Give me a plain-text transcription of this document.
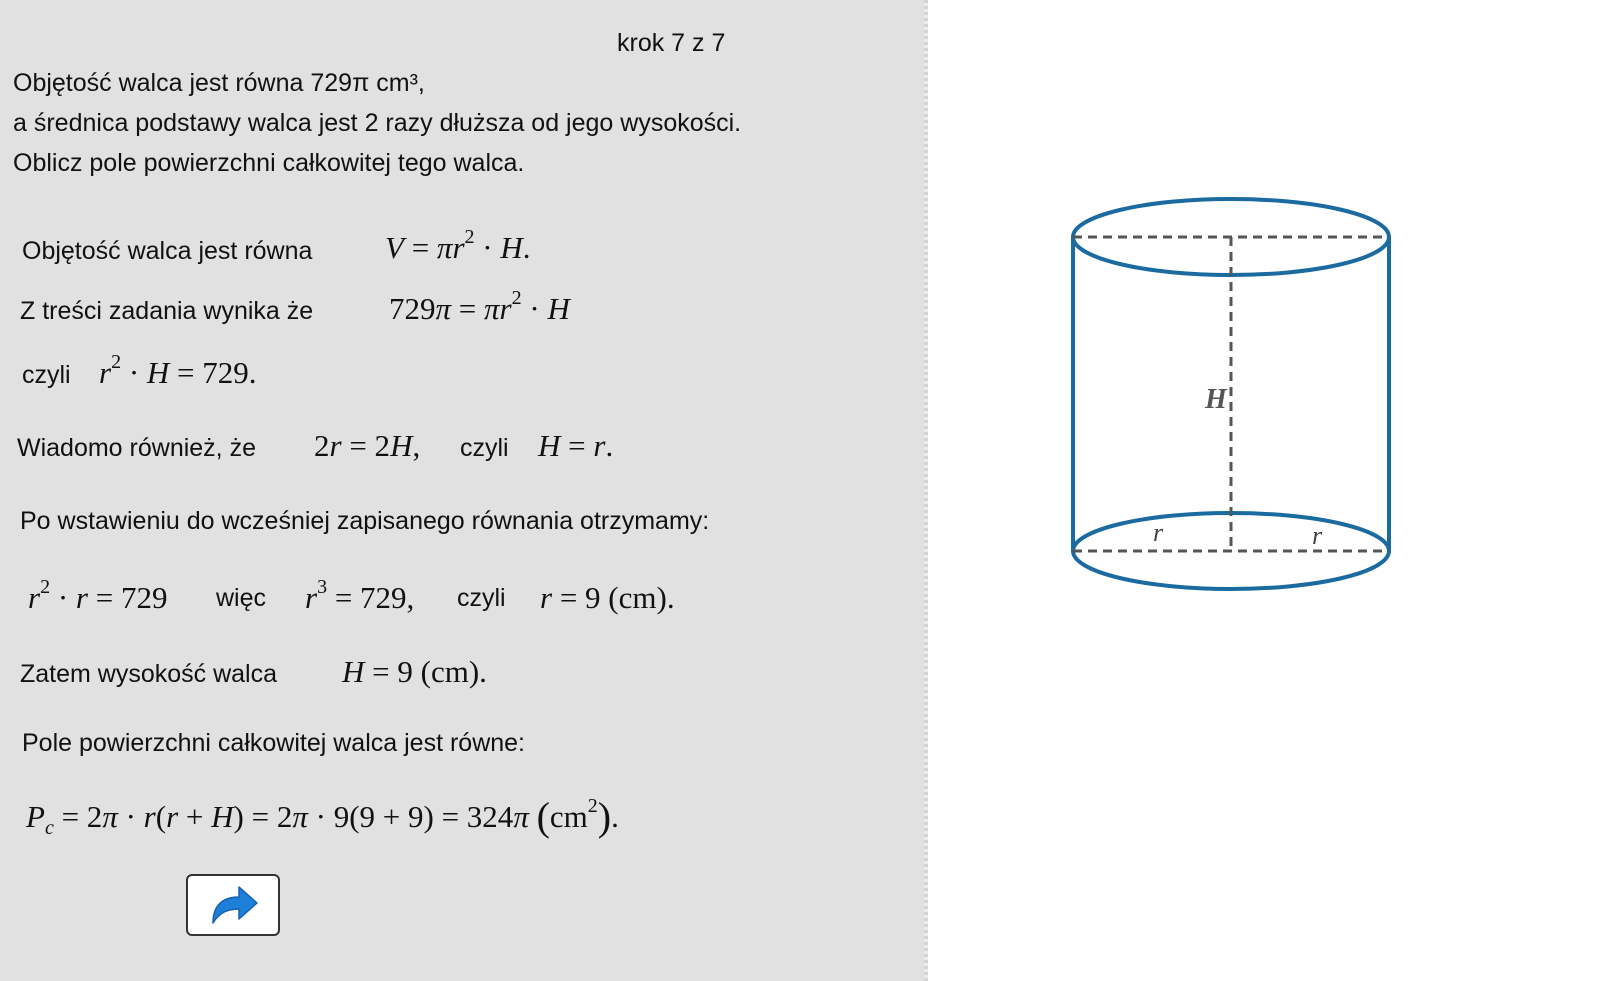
krok 7 z 7
Objętość walca jest równa 729π cm³,
a średnica podstawy walca jest 2 razy dłuższa od jego wysokości.
Oblicz pole powierzchni całkowitej tego walca.
Objętość walca jest równa $V = \pi r^2 \cdot H$.
Z treści zadania wynika że $729\pi = \pi r^2 \cdot H$
czyli $r^2 \cdot H = 729$.
Wiadomo również, że 2r = 2H, czyli H = r.
Po wstawieniu do wcześniej zapisanego równania otrzymamy:
$r^2 \cdot r = 729$ więc $r^3 = 729$, czyli r = 9 (cm).
Zatem wysokość walca H = 9 (cm).
Pole powierzchni całkowitej walca jest równe:
$P_c = 2\pi \cdot r(r + H) = 2\pi \cdot 9(9 + 9) = 324\pi$ $(cm^2)$.
H
r	r
